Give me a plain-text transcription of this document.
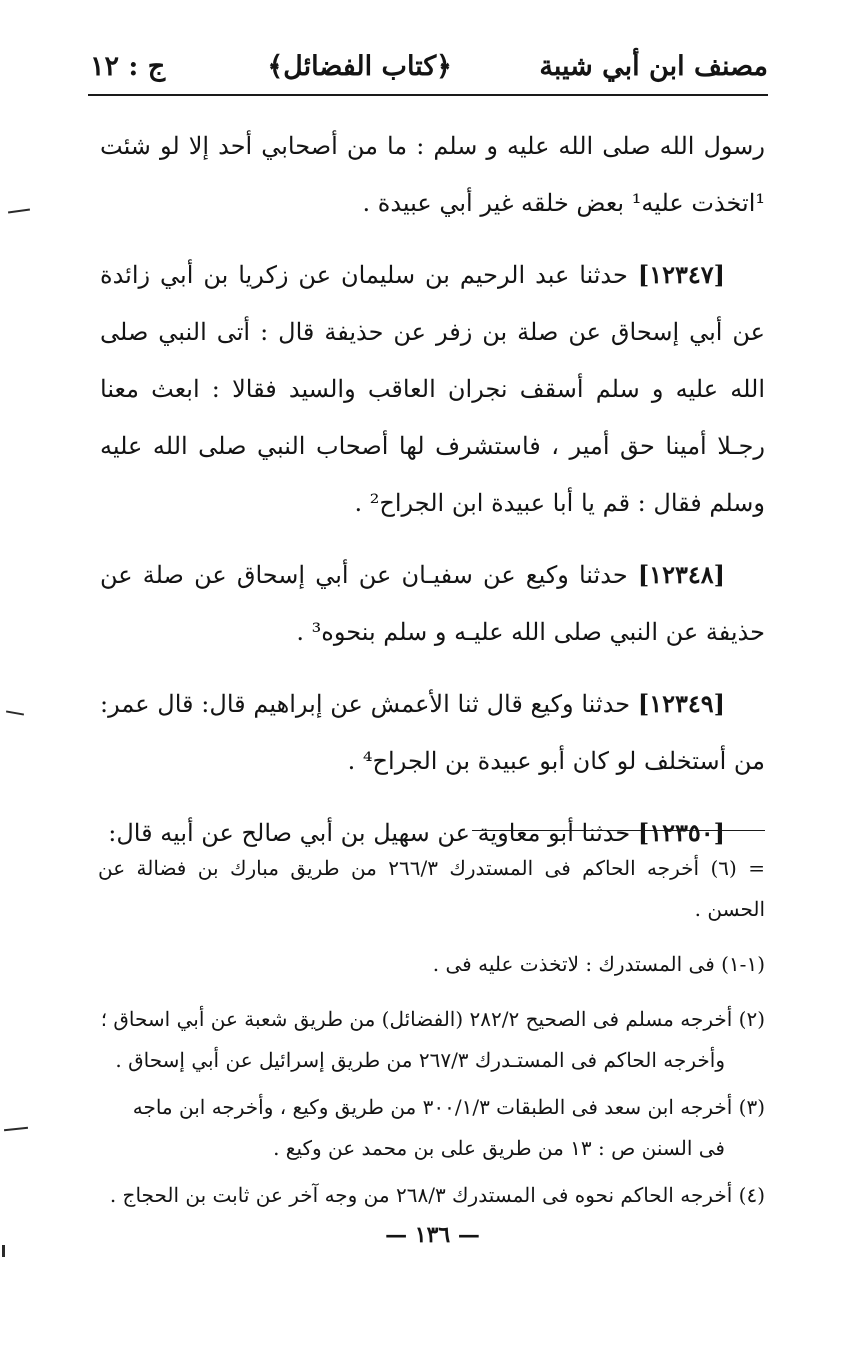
مصنف ابن أبي شيبة
﴿كتاب الفضائل﴾
ج : ١٢

رسول الله صلى الله عليه و سلم : ما من أصحابي أحد إلا لو شئت ¹اتخذت عليه¹ بعض خلقه غير أبي عبيدة .

[١٢٣٤٧] حدثنا عبد الرحيم بن سليمان عن زكريا بن أبي زائدة عن أبي إسحاق عن صلة بن زفر عن حذيفة قال : أتى النبي صلى الله عليه و سلم أسقف نجران العاقب والسيد فقالا : ابعث معنا رجـلا أمينا حق أمير ، فاستشرف لها أصحاب النبي صلى الله عليه وسلم فقال : قم يا أبا عبيدة ابن الجراح² .

[١٢٣٤٨] حدثنا وكيع عن سفيـان عن أبي إسحاق عن صلة عن حذيفة عن النبي صلى الله عليـه و سلم بنحوه³ .

[١٢٣٤٩] حدثنا وكيع قال ثنا الأعمش عن إبراهيم قال: قال عمر: من أستخلف لو كان أبو عبيدة بن الجراح⁴ .

[١٢٣٥٠] حدثنا أبو معاوية عن سهيل بن أبي صالح عن أبيه قال:

= (٦) أخرجه الحاكم فى المستدرك ٢٦٦/٣ من طريق مبارك بن فضالة عن الحسن .
(١-١) فى المستدرك : لاتخذت عليه فى .
(٢) أخرجه مسلم فى الصحيح ٢٨٢/٢ (الفضائل) من طريق شعبة عن أبي اسحاق ؛
وأخرجه الحاكم فى المستـدرك ٢٦٧/٣ من طريق إسرائيل عن أبي إسحاق .
(٣) أخرجه ابن سعد فى الطبقات ٣٠٠/١/٣ من طريق وكيع ، وأخرجه ابن ماجه
فى السنن ص : ١٣ من طريق على بن محمد عن وكيع .
(٤) أخرجه الحاكم نحوه فى المستدرك ٢٦٨/٣ من وجه آخر عن ثابت بن الحجاج .
— ١٣٦ —
